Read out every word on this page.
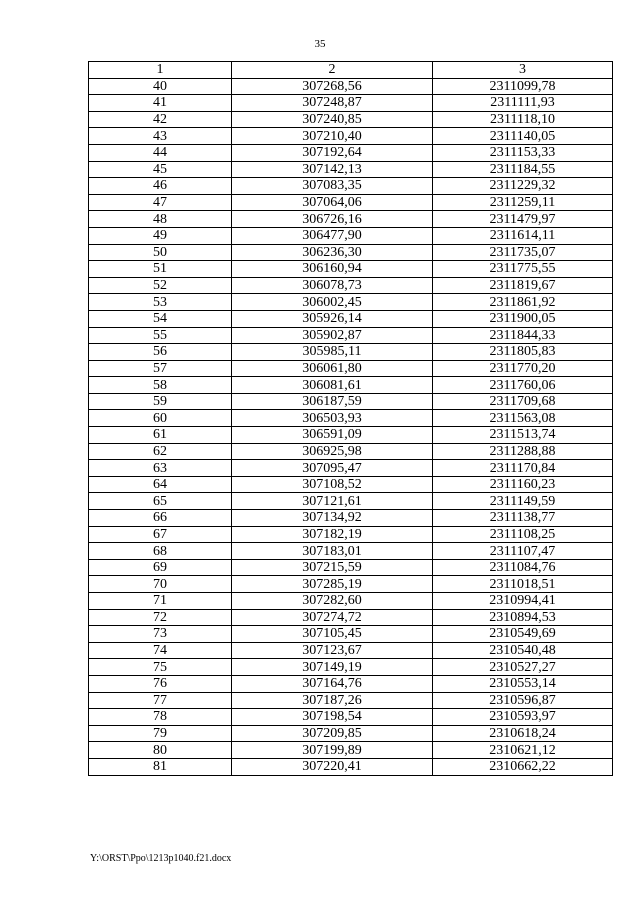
35
1	2	3
40	307268,56	2311099,78
41	307248,87	2311111,93
42	307240,85	2311118,10
43	307210,40	2311140,05
44	307192,64	2311153,33
45	307142,13	2311184,55
46	307083,35	2311229,32
47	307064,06	2311259,11
48	306726,16	2311479,97
49	306477,90	2311614,11
50	306236,30	2311735,07
51	306160,94	2311775,55
52	306078,73	2311819,67
53	306002,45	2311861,92
54	305926,14	2311900,05
55	305902,87	2311844,33
56	305985,11	2311805,83
57	306061,80	2311770,20
58	306081,61	2311760,06
59	306187,59	2311709,68
60	306503,93	2311563,08
61	306591,09	2311513,74
62	306925,98	2311288,88
63	307095,47	2311170,84
64	307108,52	2311160,23
65	307121,61	2311149,59
66	307134,92	2311138,77
67	307182,19	2311108,25
68	307183,01	2311107,47
69	307215,59	2311084,76
70	307285,19	2311018,51
71	307282,60	2310994,41
72	307274,72	2310894,53
73	307105,45	2310549,69
74	307123,67	2310540,48
75	307149,19	2310527,27
76	307164,76	2310553,14
77	307187,26	2310596,87
78	307198,54	2310593,97
79	307209,85	2310618,24
80	307199,89	2310621,12
81	307220,41	2310662,22
Y:\ORST\Ppo\1213p1040.f21.docx
